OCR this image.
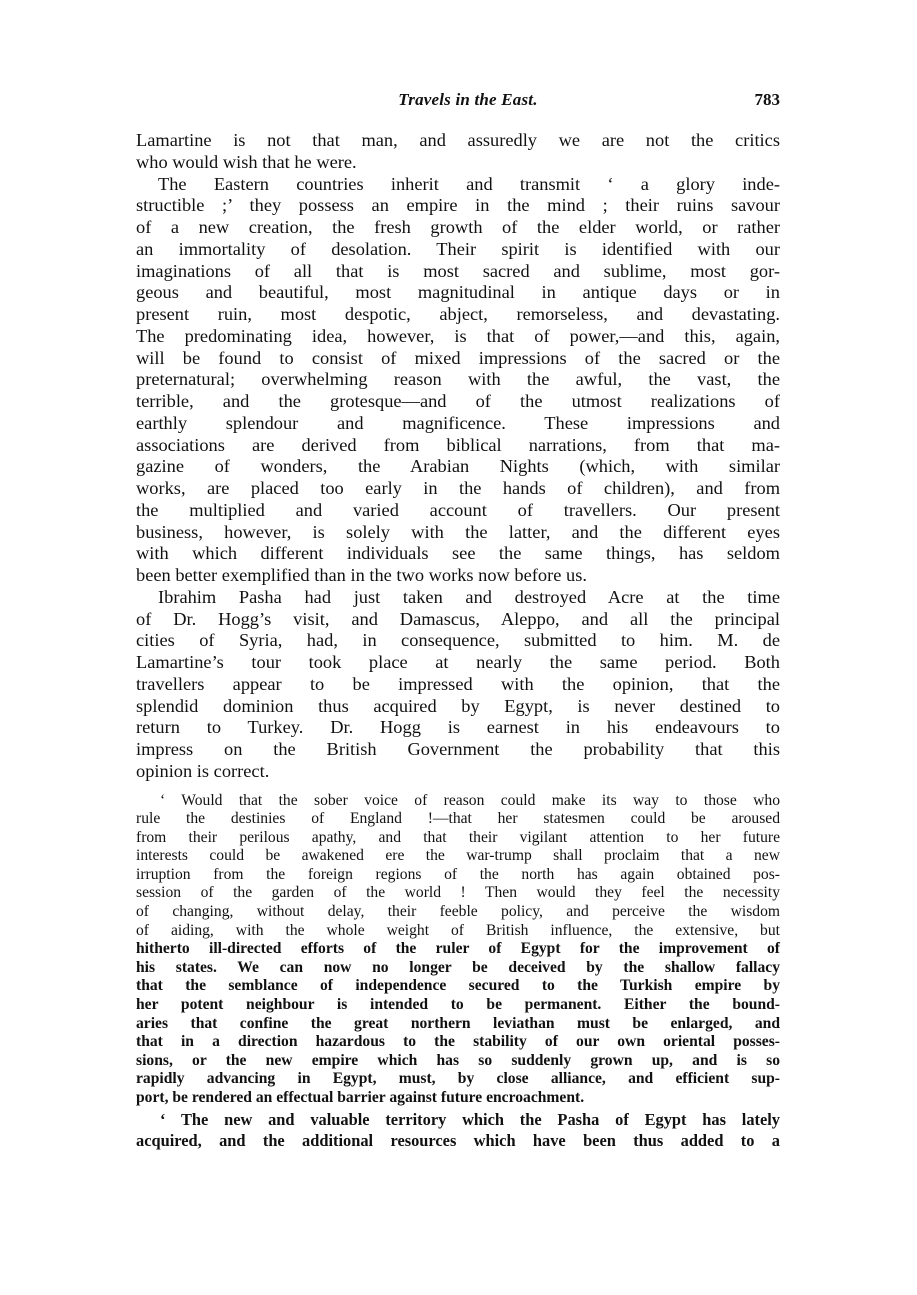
Travels in the East.	783
Lamartine is not that man, and assuredly we are not the critics
who would wish that he were.
The Eastern countries inherit and transmit ‘ a glory inde-
structible ;’ they possess an empire in the mind ; their ruins savour
of a new creation, the fresh growth of the elder world, or rather
an immortality of desolation. Their spirit is identified with our
imaginations of all that is most sacred and sublime, most gor-
geous and beautiful, most magnitudinal in antique days or in
present ruin, most despotic, abject, remorseless, and devastating.
The predominating idea, however, is that of power,—and this, again,
will be found to consist of mixed impressions of the sacred or the
preternatural; overwhelming reason with the awful, the vast, the
terrible, and the grotesque—and of the utmost realizations of
earthly splendour and magnificence. These impressions and
associations are derived from biblical narrations, from that ma-
gazine of wonders, the Arabian Nights (which, with similar
works, are placed too early in the hands of children), and from
the multiplied and varied account of travellers. Our present
business, however, is solely with the latter, and the different eyes
with which different individuals see the same things, has seldom
been better exemplified than in the two works now before us.
Ibrahim Pasha had just taken and destroyed Acre at the time
of Dr. Hogg’s visit, and Damascus, Aleppo, and all the principal
cities of Syria, had, in consequence, submitted to him. M. de
Lamartine’s tour took place at nearly the same period. Both
travellers appear to be impressed with the opinion, that the
splendid dominion thus acquired by Egypt, is never destined to
return to Turkey. Dr. Hogg is earnest in his endeavours to
impress on the British Government the probability that this
opinion is correct.
‘ Would that the sober voice of reason could make its way to those who
rule the destinies of England !—that her statesmen could be aroused
from their perilous apathy, and that their vigilant attention to her future
interests could be awakened ere the war-trump shall proclaim that a new
irruption from the foreign regions of the north has again obtained pos-
session of the garden of the world ! Then would they feel the necessity
of changing, without delay, their feeble policy, and perceive the wisdom
of aiding, with the whole weight of British influence, the extensive, but
hitherto ill-directed efforts of the ruler of Egypt for the improvement of
his states. We can now no longer be deceived by the shallow fallacy
that the semblance of independence secured to the Turkish empire by
her potent neighbour is intended to be permanent. Either the bound-
aries that confine the great northern leviathan must be enlarged, and
that in a direction hazardous to the stability of our own oriental posses-
sions, or the new empire which has so suddenly grown up, and is so
rapidly advancing in Egypt, must, by close alliance, and efficient sup-
port, be rendered an effectual barrier against future encroachment.
‘ The new and valuable territory which the Pasha of Egypt has lately
acquired, and the additional resources which have been thus added to a
